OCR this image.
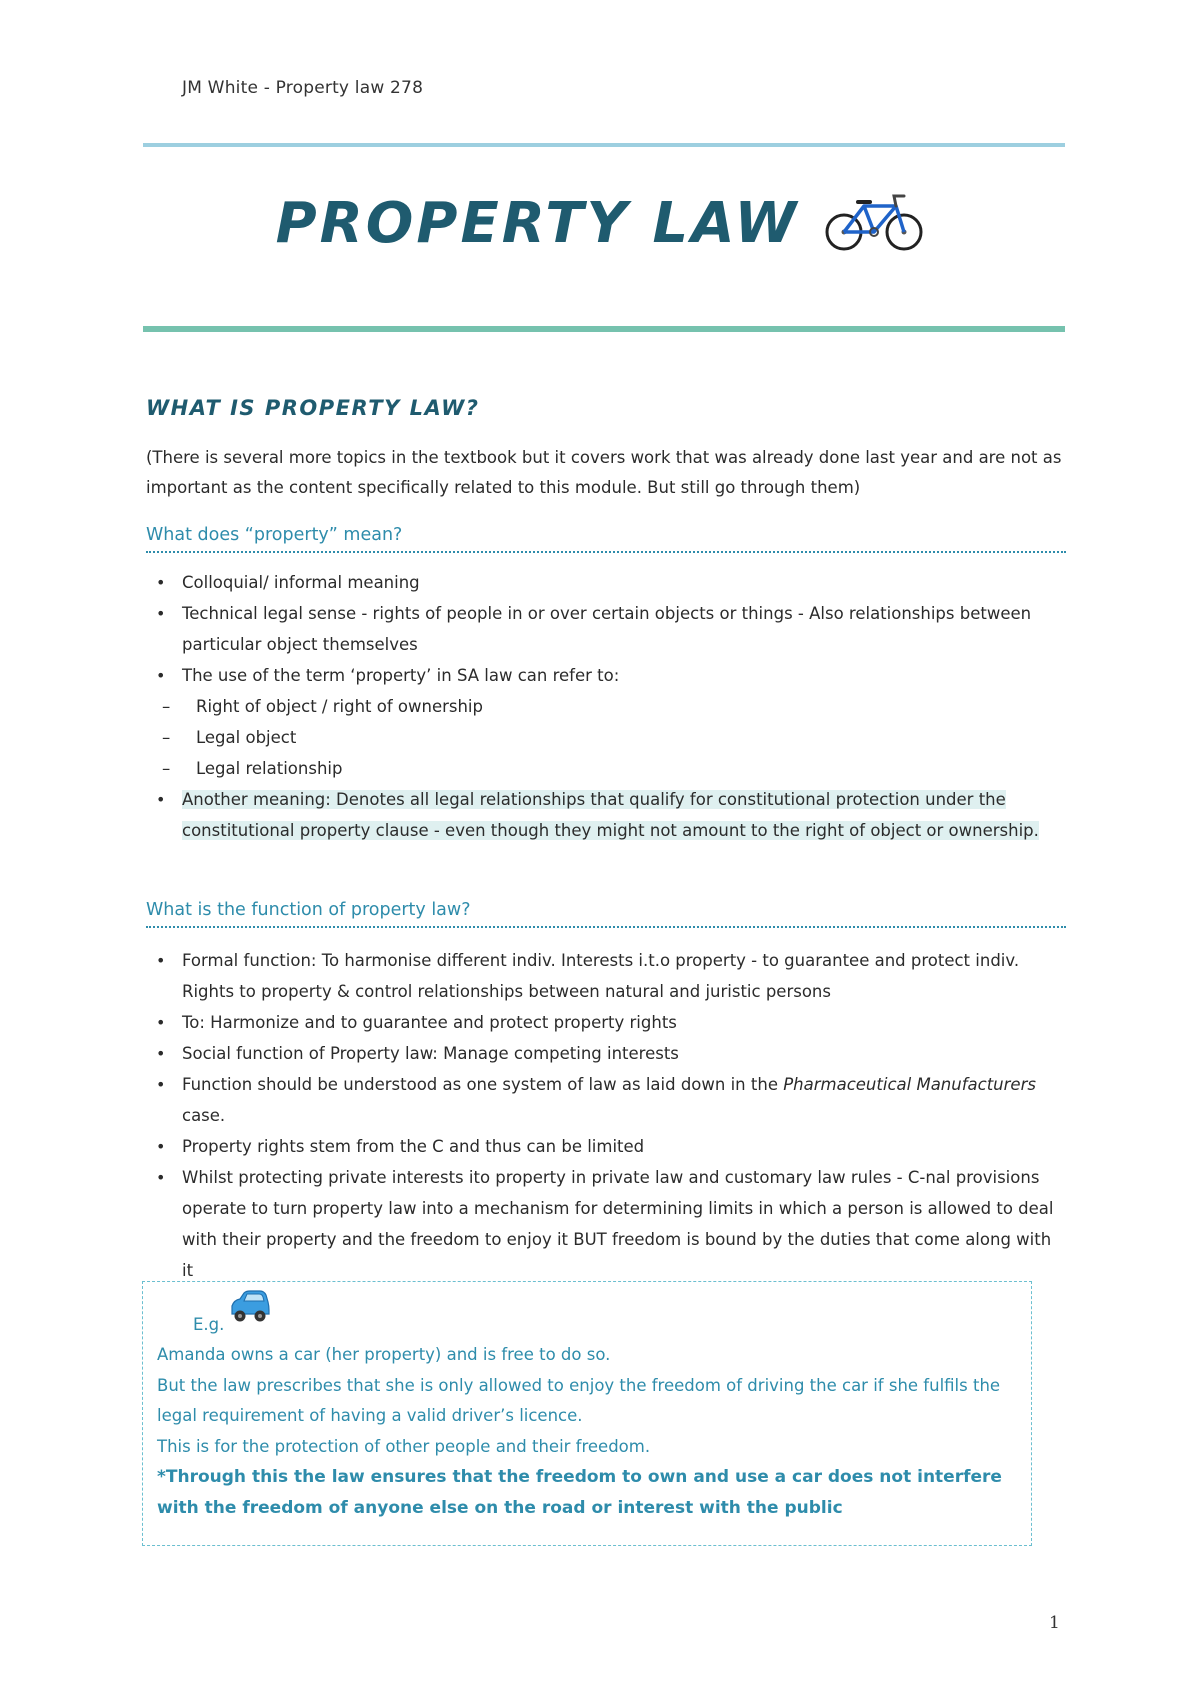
JM White - Property law 278
PROPERTY LAW
WHAT IS PROPERTY LAW?
(There is several more topics in the textbook but it covers work that was already done last year and are not as important as the content specifically related to this module. But still go through them)
What does “property” mean?
• Colloquial/ informal meaning
• Technical legal sense - rights of people in or over certain objects or things - Also relationships between particular object themselves
• The use of the term ‘property’ in SA law can refer to:
– Right of object / right of ownership
– Legal object
– Legal relationship
• Another meaning: Denotes all legal relationships that qualify for constitutional protection under the constitutional property clause - even though they might not amount to the right of object or ownership.
What is the function of property law?
• Formal function: To harmonise different indiv. Interests i.t.o property - to guarantee and protect indiv. Rights to property & control relationships between natural and juristic persons
• To: Harmonize and to guarantee and protect property rights
• Social function of Property law: Manage competing interests
• Function should be understood as one system of law as laid down in the Pharmaceutical Manufacturers case.
• Property rights stem from the C and thus can be limited
• Whilst protecting private interests ito property in private law and customary law rules - C-nal provisions operate to turn property law into a mechanism for determining limits in which a person is allowed to deal with their property and the freedom to enjoy it BUT freedom is bound by the duties that come along with it
E.g.
Amanda owns a car (her property) and is free to do so.
But the law prescribes that she is only allowed to enjoy the freedom of driving the car if she fulfils the legal requirement of having a valid driver’s licence.
This is for the protection of other people and their freedom.
*Through this the law ensures that the freedom to own and use a car does not interfere with the freedom of anyone else on the road or interest with the public
1
